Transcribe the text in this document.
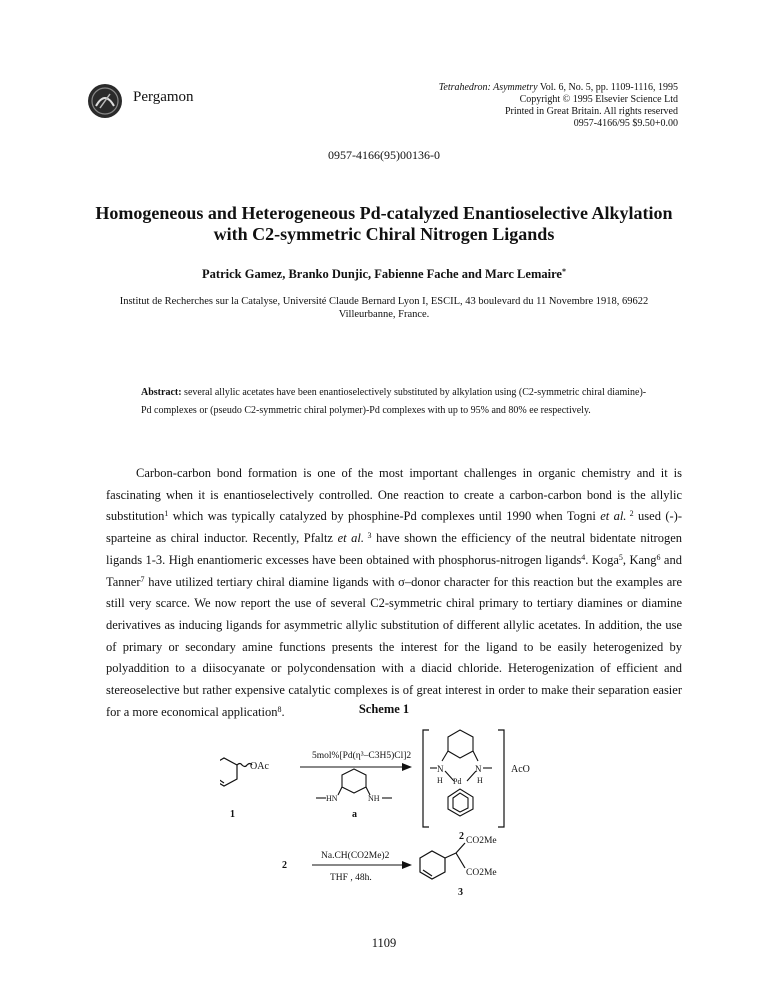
Pergamon
Tetrahedron: Asymmetry Vol. 6, No. 5, pp. 1109-1116, 1995
Copyright © 1995 Elsevier Science Ltd
Printed in Great Britain. All rights reserved
0957-4166/95 $9.50+0.00
0957-4166(95)00136-0
Homogeneous and Heterogeneous Pd-catalyzed Enantioselective Alkylation
with C2-symmetric Chiral Nitrogen Ligands
Patrick Gamez, Branko Dunjic, Fabienne Fache and Marc Lemaire*
Institut de Recherches sur la Catalyse, Université Claude Bernard Lyon I, ESCIL, 43 boulevard du 11 Novembre 1918, 69622
Villeurbanne, France.
Abstract: several allylic acetates have been enantioselectively substituted by alkylation using (C2-symmetric chiral diamine)-Pd complexes or (pseudo C2-symmetric chiral polymer)-Pd complexes with up to 95% and 80% ee respectively.

Carbon-carbon bond formation is one of the most important challenges in organic chemistry and it is fascinating when it is enantioselectively controlled. One reaction to create a carbon-carbon bond is the allylic substitution$^1$ which was typically catalyzed by phosphine-Pd complexes until 1990 when Togni et al. $^2$ used (-)-sparteine as chiral inductor. Recently, Pfaltz et al. $^3$ have shown the efficiency of the neutral bidentate nitrogen ligands 1-3. High enantiomeric excesses have been obtained with phosphorus-nitrogen ligands$^4$. Koga$^5$, Kang$^6$ and Tanner$^7$ have utilized tertiary chiral diamine ligands with σ–donor character for this reaction but the examples are still very scarce. We now report the use of several C2-symmetric chiral primary to tertiary diamines or diamine derivatives as inducing ligands for asymmetric allylic substitution of different allylic acetates. In addition, the use of primary or secondary amine functions presents the interest for the ligand to be easily heterogenized by polyaddition to a diisocyanate or polycondensation with a diacid chloride. Heterogenization of efficient and stereoselective but rather expensive catalytic complexes is of great interest in order to make their separation easier for a more economical application$^8$.	Scheme 1
OAc
1
5mol%[Pd(η³–C3H5)Cl]2
HN	NH
a
N	N
H	H
Pd
AcO
2
2
Na.CH(CO2Me)2
THF , 48h.
CO2Me
CO2Me
3
1109
